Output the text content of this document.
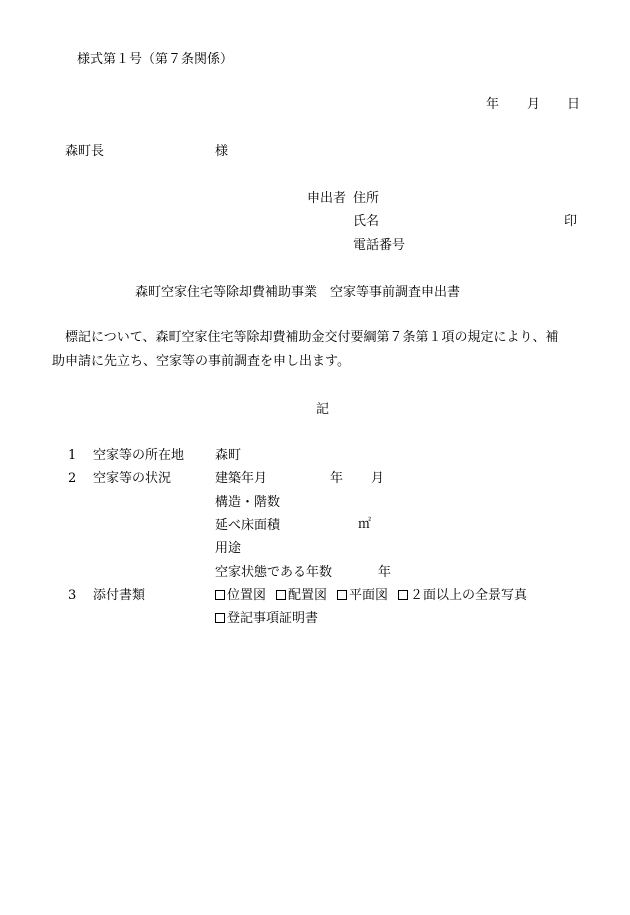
様式第１号（第７条関係）
年 月 日
森町長	様
申出者 住所
氏名	印
電話番号
森町空家住宅等除却費補助事業　空家等事前調査申出書
標記について、森町空家住宅等除却費補助金交付要綱第７条第１項の規定により、補
助申請に先立ち、空家等の事前調査を申し出ます。
記
1 空家等の所在地 森町
2 空家等の状況	建築年月	年 月
構造・階数
延べ床面積	㎡
用途
空家状態である年数	年
3 添付書類	位置図 配置図 平面図 ２面以上の全景写真
登記事項証明書
